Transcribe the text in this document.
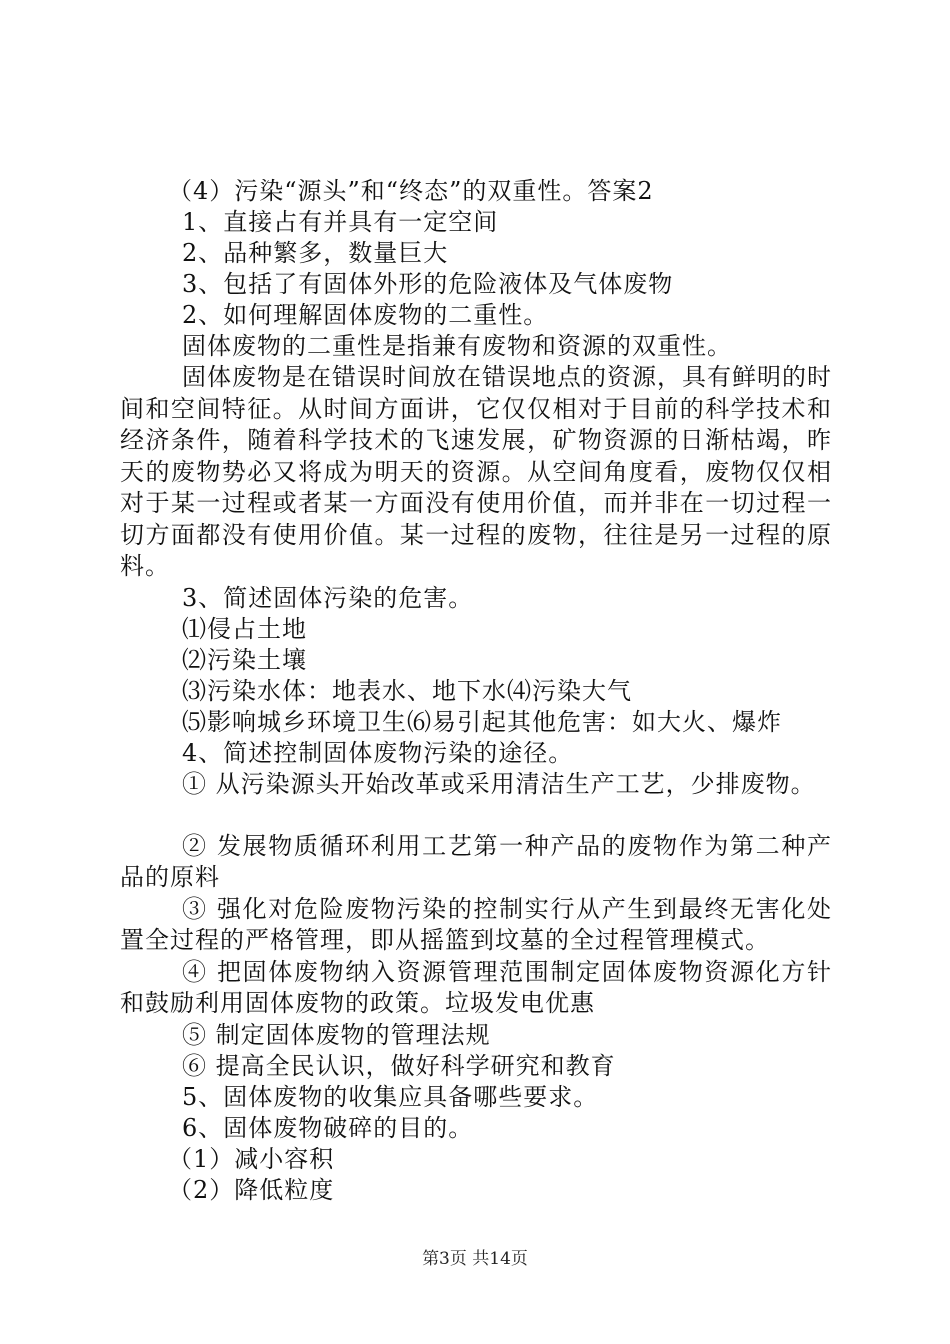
（4）污染“源头”和“终态”的双重性。答案2
1、直接占有并具有一定空间
2、品种繁多，数量巨大
3、包括了有固体外形的危险液体及气体废物
2、如何理解固体废物的二重性。
固体废物的二重性是指兼有废物和资源的双重性。
固体废物是在错误时间放在错误地点的资源，具有鲜明的时间和空间特征。从时间方面讲，它仅仅相对于目前的科学技术和经济条件，随着科学技术的飞速发展，矿物资源的日渐枯竭，昨天的废物势必又将成为明天的资源。从空间角度看，废物仅仅相对于某一过程或者某一方面没有使用价值，而并非在一切过程一切方面都没有使用价值。某一过程的废物，往往是另一过程的原料。
3、简述固体污染的危害。
⑴侵占土地
⑵污染土壤
⑶污染水体：地表水、地下水⑷污染大气
⑸影响城乡环境卫生⑹易引起其他危害：如大火、爆炸
4、简述控制固体废物污染的途径。
① 从污染源头开始改革或采用清洁生产工艺，少排废物。
② 发展物质循环利用工艺第一种产品的废物作为第二种产品的原料
③ 强化对危险废物污染的控制实行从产生到最终无害化处置全过程的严格管理，即从摇篮到坟墓的全过程管理模式。
④ 把固体废物纳入资源管理范围制定固体废物资源化方针和鼓励利用固体废物的政策。垃圾发电优惠
⑤ 制定固体废物的管理法规
⑥ 提高全民认识，做好科学研究和教育
5、固体废物的收集应具备哪些要求。
6、固体废物破碎的目的。
（1）减小容积
（2）降低粒度
第3页 共14页
